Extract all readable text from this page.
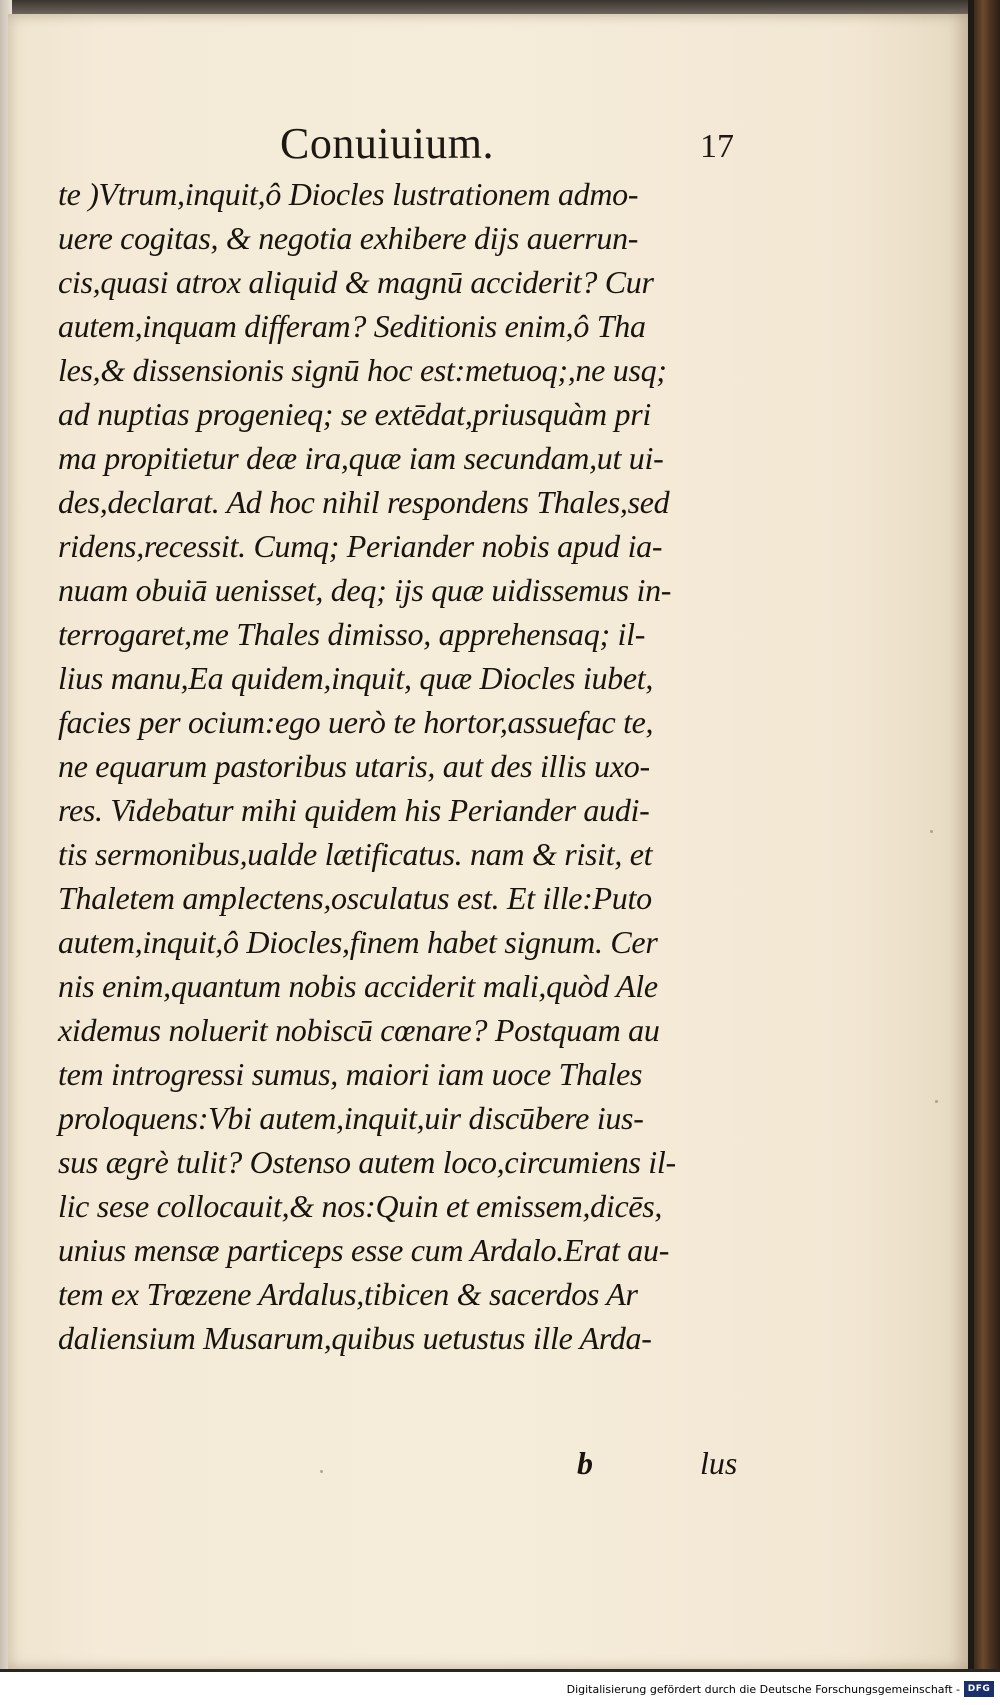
Conuiuium.	17
te )Vtrum,inquit,ô Diocles lustrationem admo-
uere cogitas, & negotia exhibere dijs auerrun-
cis,quasi atrox aliquid & magnū acciderit? Cur
autem,inquam differam? Seditionis enim,ô Tha
les,& dissensionis signū hoc est:metuoq;,ne usq;
ad nuptias progenieq; se extēdat,priusquàm pri
ma propitietur deæ ira,quæ iam secundam,ut ui-
des,declarat. Ad hoc nihil respondens Thales,sed
ridens,recessit. Cumq; Periander nobis apud ia-
nuam obuiā uenisset, deq; ijs quæ uidissemus in-
terrogaret,me Thales dimisso, apprehensaq; il-
lius manu,Ea quidem,inquit, quæ Diocles iubet,
facies per ocium:ego uerò te hortor,assuefac te,
ne equarum pastoribus utaris, aut des illis uxo-
res. Videbatur mihi quidem his Periander audi-
tis sermonibus,ualde lætificatus. nam & risit, et
Thaletem amplectens,osculatus est. Et ille:Puto
autem,inquit,ô Diocles,finem habet signum. Cer
nis enim,quantum nobis acciderit mali,quòd Ale
xidemus noluerit nobiscū cœnare? Postquam au
tem introgressi sumus, maiori iam uoce Thales
proloquens:Vbi autem,inquit,uir discūbere ius-
sus ægrè tulit? Ostenso autem loco,circumiens il-
lic sese collocauit,& nos:Quin et emissem,dicēs,
unius mensæ particeps esse cum Ardalo.Erat au-
tem ex Trœzene Ardalus,tibicen & sacerdos Ar
daliensium Musarum,quibus uetustus ille Arda-
b	lus
Digitalisierung gefördert durch die Deutsche Forschungsgemeinschaft - DFG
